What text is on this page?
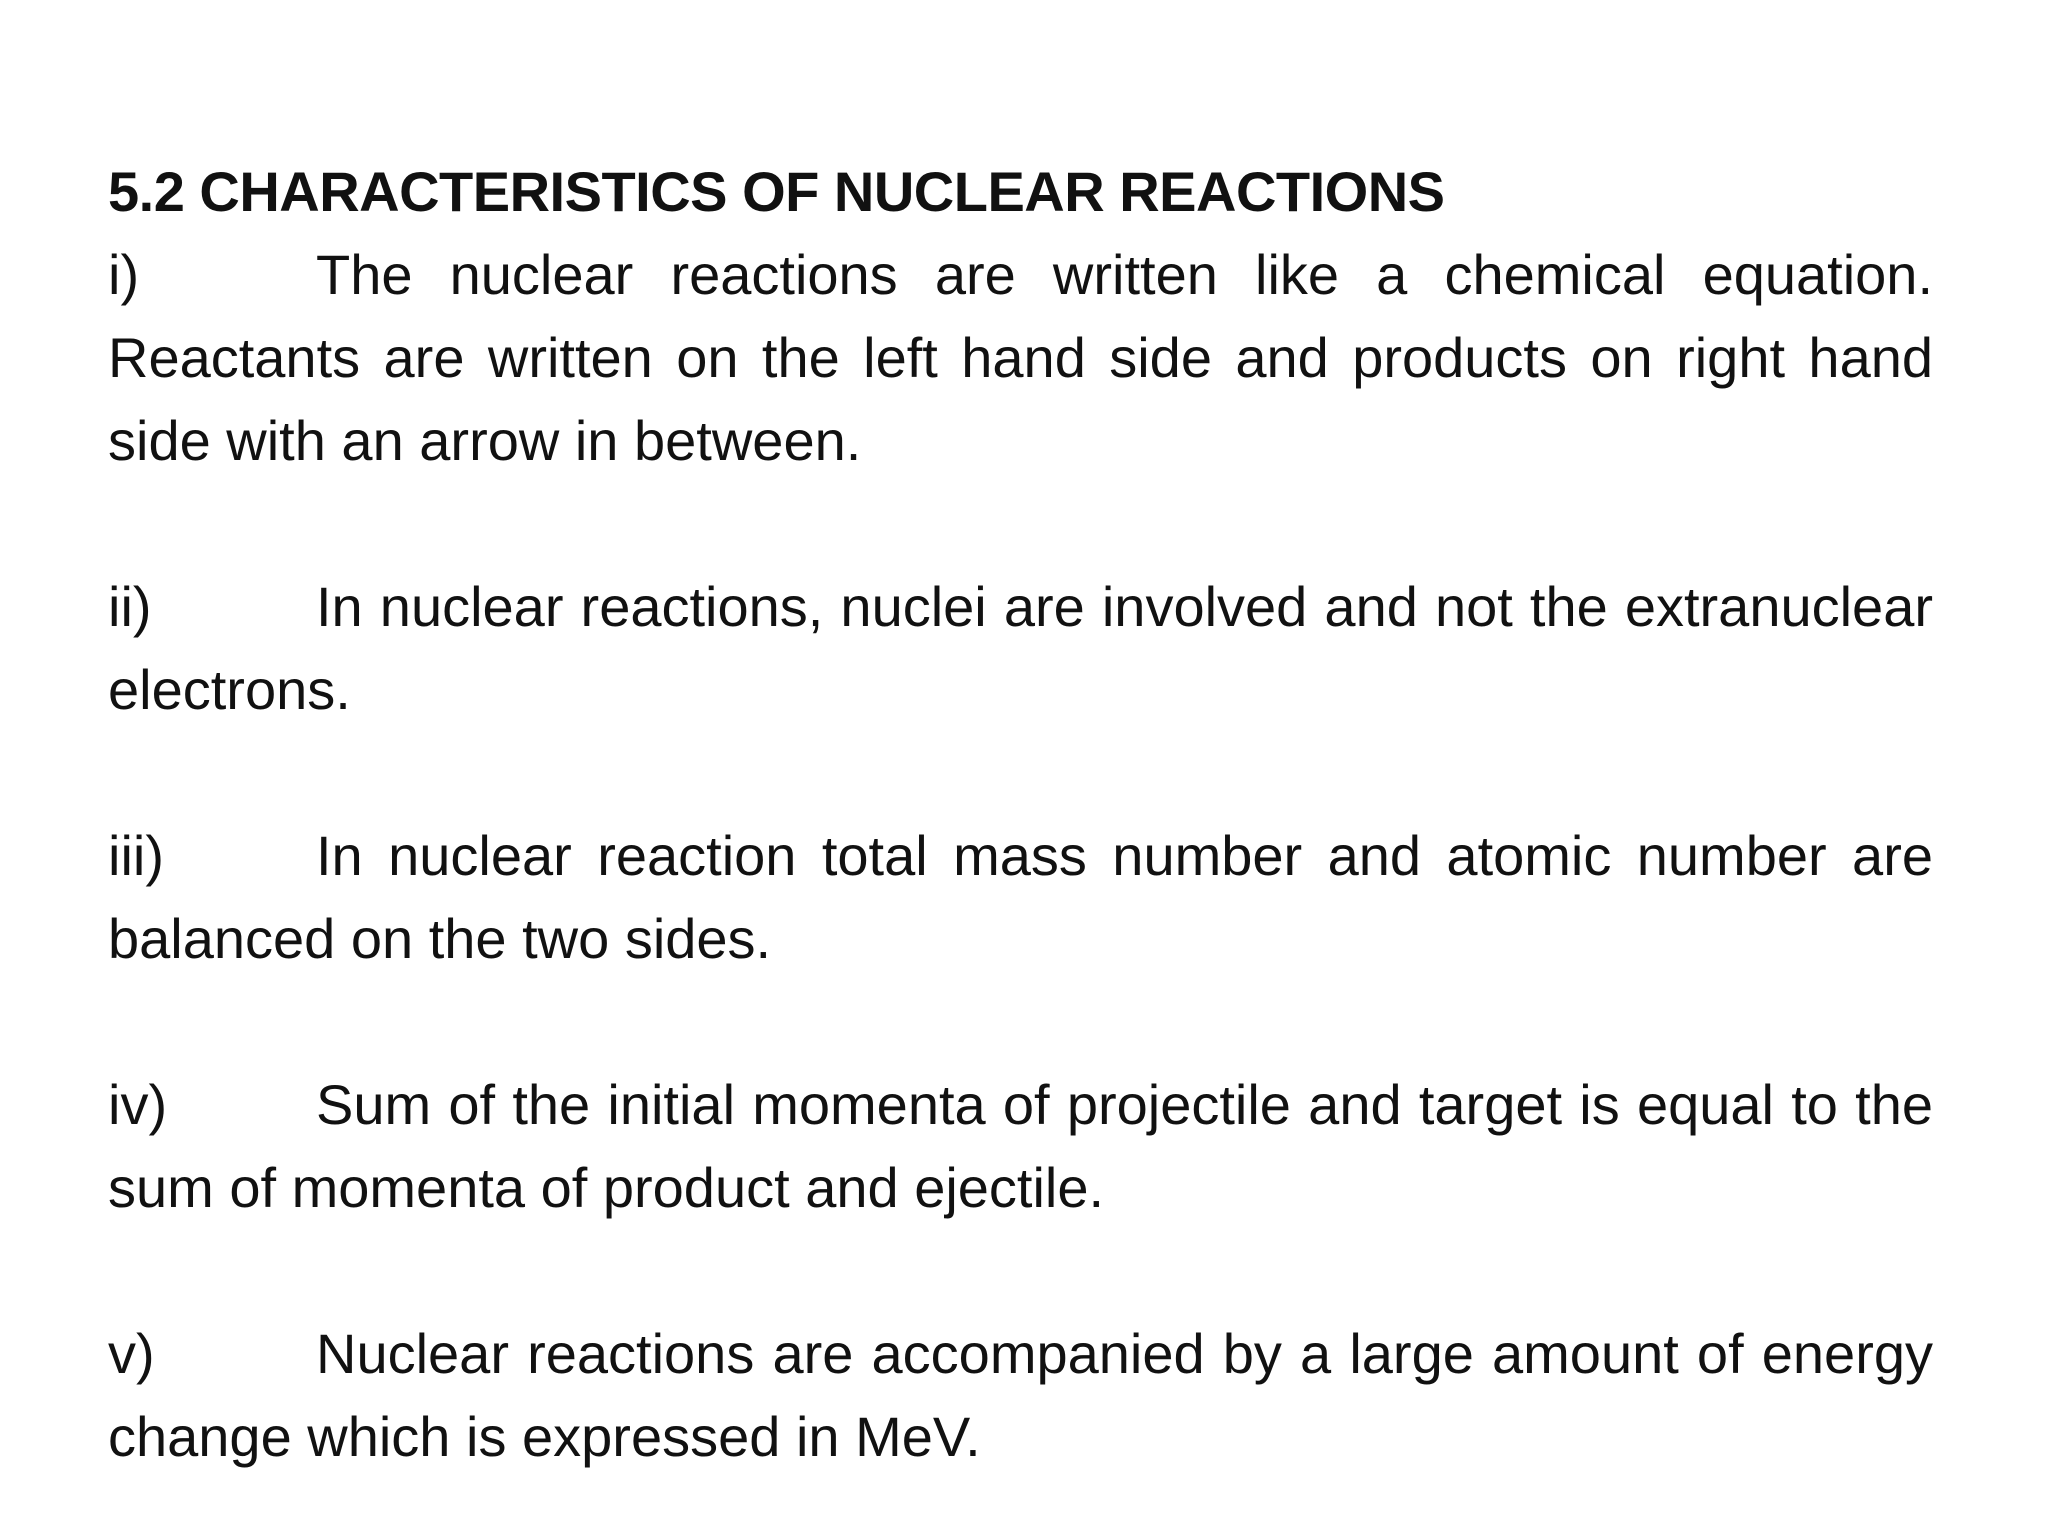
5.2 CHARACTERISTICS OF NUCLEAR REACTIONS

i)	The nuclear reactions are written like a chemical equation. Reactants are written on the left hand side and products on right hand side with an arrow in between.

ii)	In nuclear reactions, nuclei are involved and not the extranuclear electrons.

iii)	In nuclear reaction total mass number and atomic number are balanced on the two sides.

iv)	Sum of the initial momenta of projectile and target is equal to the sum of momenta of product and ejectile.

v)	Nuclear reactions are accompanied by a large amount of energy change which is expressed in MeV.
